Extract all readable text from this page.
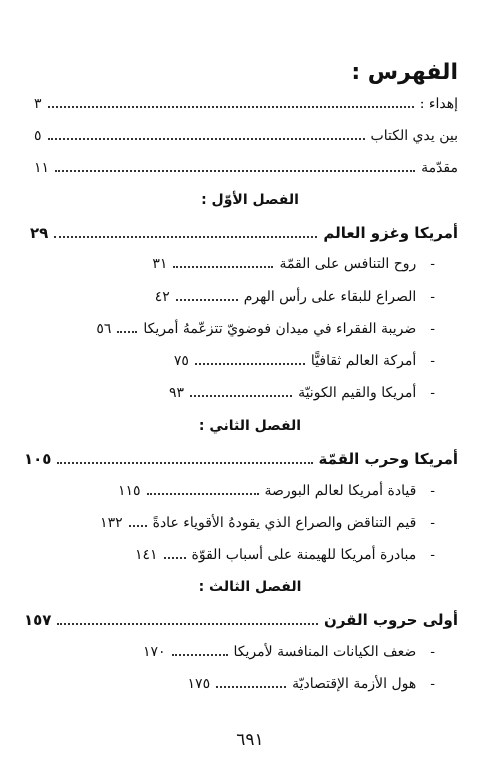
الفهرس :
إهداء :
٣
بين يدي الكتاب
٥
مقدّمة
١١
الفصل الأوّل :
أمريكا وغزو العالم
٢٩
-
روح التنافس على القمّة
٣١
-
الصراع للبقاء على رأس الهرم
٤٢
-
ضريبة الفقراء في ميدان فوضويّ تتزعّمهُ أمريكا
٥٦
-
أمركة العالم ثقافيًّا
٧٥
-
أمريكا والقيم الكونيّة
٩٣
الفصل الثاني :
أمريكا وحرب القمّة
١٠٥
-
قيادة أمريكا لعالم البورصة
١١٥
-
قيم التناقض والصراع الذي يقودهُ الأقوياء عادةً
١٣٢
-
مبادرة أمريكا للهيمنة على أسباب القوّة
١٤١
الفصل الثالث :
أولى حروب القرن
١٥٧
-
ضعف الكيانات المنافسة لأمريكا
١٧٠
-
هول الأزمة الإقتصاديّة
١٧٥
٦٩١
